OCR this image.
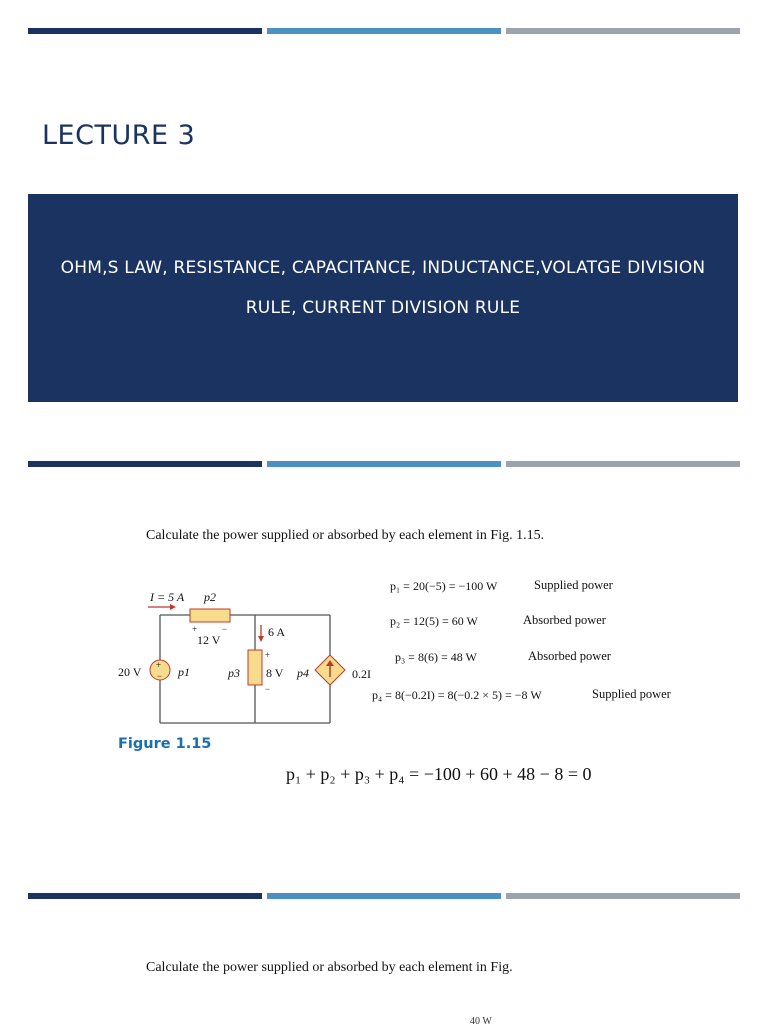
LECTURE 3
OHM,S LAW, RESISTANCE, CAPACITANCE, INDUCTANCE,VOLATGE DIVISION
RULE, CURRENT DIVISION RULE
Calculate the power supplied or absorbed by each element in Fig. 1.15.
+
−
I = 5 A p2
+	−
12 V
6 A
+
8 V
−
p4
p3
p1
20 V	0.2I
Figure 1.15
p₁ = 20(−5) = −100 W	Supplied power
p₂ = 12(5) = 60 W	Absorbed power
p₃ = 8(6) = 48 W	Absorbed power
p₄ = 8(−0.2I) = 8(−0.2 × 5) = −8 W	Supplied power
p₁ + p₂ + p₃ + p₄ = −100 + 60 + 48 − 8 = 0
Calculate the power supplied or absorbed by each element in Fig.
40 W
